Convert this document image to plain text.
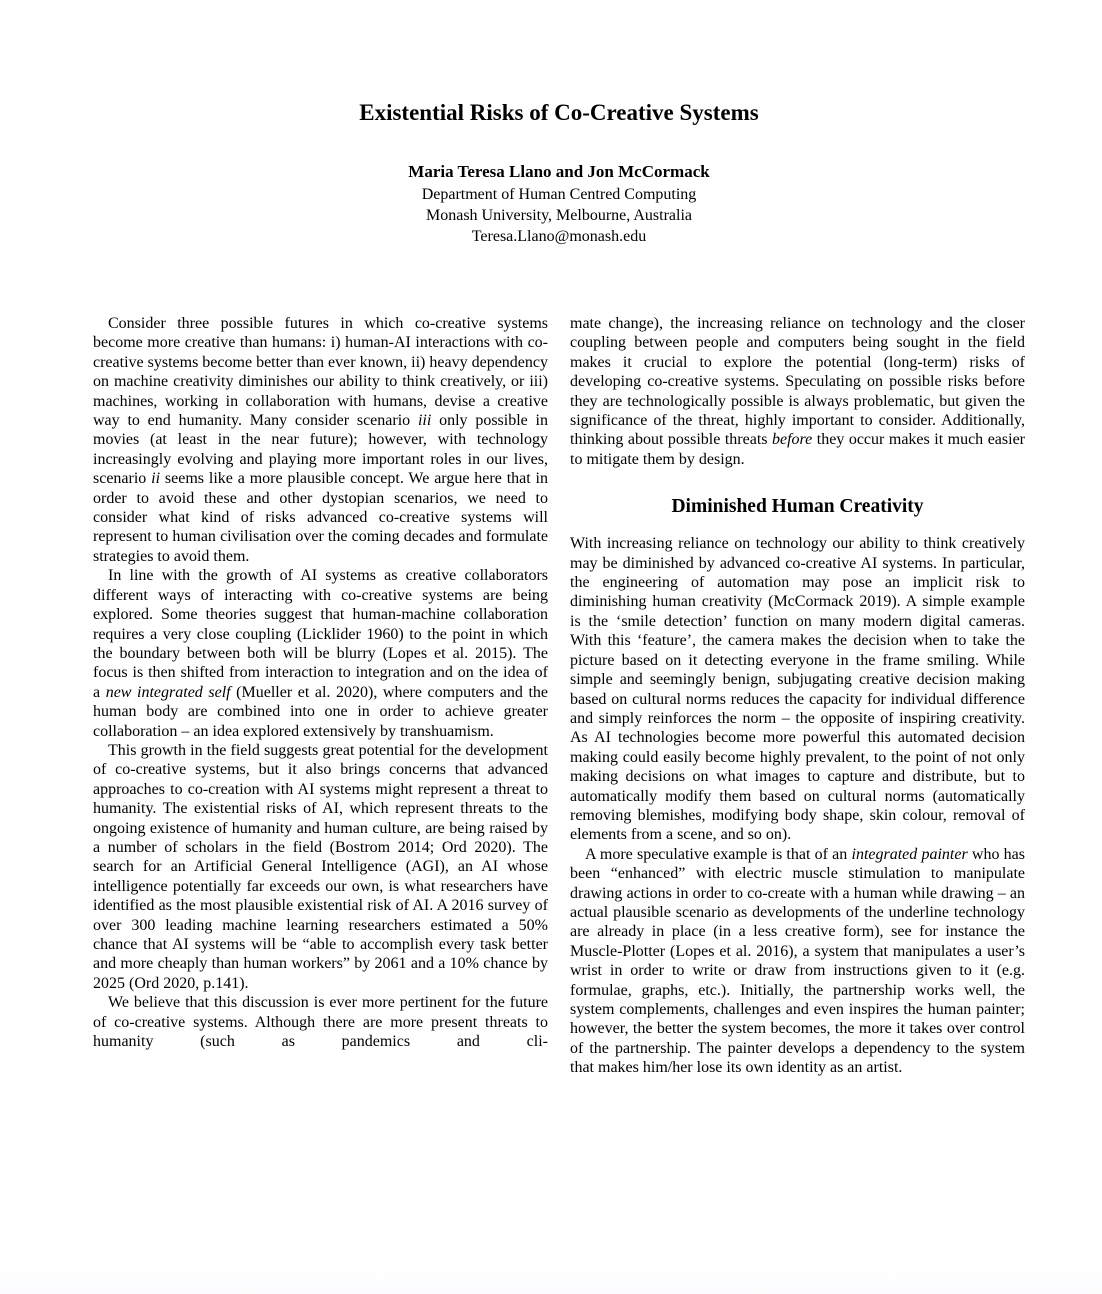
Existential Risks of Co-Creative Systems
Maria Teresa Llano and Jon McCormack
Department of Human Centred Computing
Monash University, Melbourne, Australia
Teresa.Llano@monash.edu

Consider three possible futures in which co-creative systems become more creative than humans: i) human-AI interactions with co-creative systems become better than ever known, ii) heavy dependency on machine creativity diminishes our ability to think creatively, or iii) machines, working in collaboration with humans, devise a creative way to end humanity. Many consider scenario iii only possible in movies (at least in the near future); however, with technology increasingly evolving and playing more important roles in our lives, scenario ii seems like a more plausible concept. We argue here that in order to avoid these and other dystopian scenarios, we need to consider what kind of risks advanced co-creative systems will represent to human civilisation over the coming decades and formulate strategies to avoid them.

In line with the growth of AI systems as creative collaborators different ways of interacting with co-creative systems are being explored. Some theories suggest that human-machine collaboration requires a very close coupling (Licklider 1960) to the point in which the boundary between both will be blurry (Lopes et al. 2015). The focus is then shifted from interaction to integration and on the idea of a new integrated self (Mueller et al. 2020), where computers and the human body are combined into one in order to achieve greater collaboration – an idea explored extensively by transhuamism.

This growth in the field suggests great potential for the development of co-creative systems, but it also brings concerns that advanced approaches to co-creation with AI systems might represent a threat to humanity. The existential risks of AI, which represent threats to the ongoing existence of humanity and human culture, are being raised by a number of scholars in the field (Bostrom 2014; Ord 2020). The search for an Artificial General Intelligence (AGI), an AI whose intelligence potentially far exceeds our own, is what researchers have identified as the most plausible existential risk of AI. A 2016 survey of over 300 leading machine learning researchers estimated a 50% chance that AI systems will be “able to accomplish every task better and more cheaply than human workers” by 2061 and a 10% chance by 2025 (Ord 2020, p.141).

We believe that this discussion is ever more pertinent for the future of co-creative systems. Although there are more present threats to humanity (such as pandemics and cli-

mate change), the increasing reliance on technology and the closer coupling between people and computers being sought in the field makes it crucial to explore the potential (long-term) risks of developing co-creative systems. Speculating on possible risks before they are technologically possible is always problematic, but given the significance of the threat, highly important to consider. Additionally, thinking about possible threats before they occur makes it much easier to mitigate them by design.

Diminished Human Creativity

With increasing reliance on technology our ability to think creatively may be diminished by advanced co-creative AI systems. In particular, the engineering of automation may pose an implicit risk to diminishing human creativity (McCormack 2019). A simple example is the ‘smile detection’ function on many modern digital cameras. With this ‘feature’, the camera makes the decision when to take the picture based on it detecting everyone in the frame smiling. While simple and seemingly benign, subjugating creative decision making based on cultural norms reduces the capacity for individual difference and simply reinforces the norm – the opposite of inspiring creativity. As AI technologies become more powerful this automated decision making could easily become highly prevalent, to the point of not only making decisions on what images to capture and distribute, but to automatically modify them based on cultural norms (automatically removing blemishes, modifying body shape, skin colour, removal of elements from a scene, and so on).

A more speculative example is that of an integrated painter who has been “enhanced” with electric muscle stimulation to manipulate drawing actions in order to co-create with a human while drawing – an actual plausible scenario as developments of the underline technology are already in place (in a less creative form), see for instance the Muscle-Plotter (Lopes et al. 2016), a system that manipulates a user’s wrist in order to write or draw from instructions given to it (e.g. formulae, graphs, etc.). Initially, the partnership works well, the system complements, challenges and even inspires the human painter; however, the better the system becomes, the more it takes over control of the partnership. The painter develops a dependency to the system that makes him/her lose its own identity as an artist.
